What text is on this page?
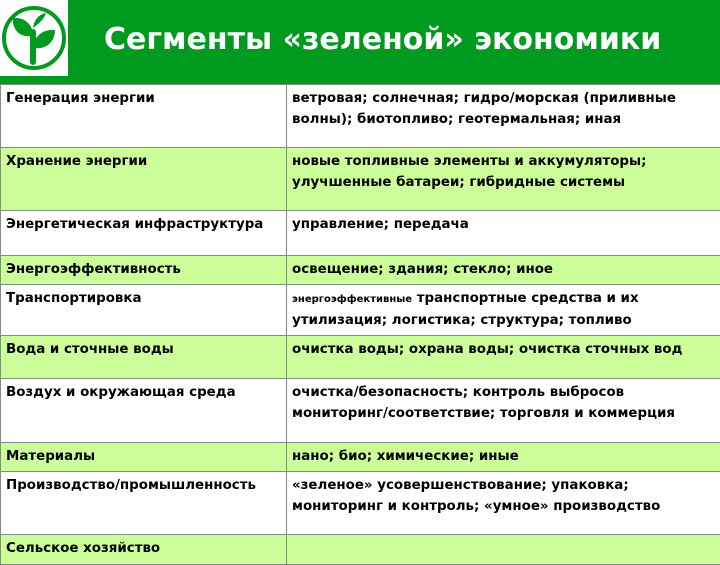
Сегменты «зеленой» экономики
Генерация энергии	ветровая; солнечная; гидро/морская (приливные волны); биотопливо; геотермальная; иная
Хранение энергии	новые топливные элементы и аккумуляторы; улучшенные батареи; гибридные системы
Энергетическая инфраструктура	управление; передача
Энергоэффективность	освещение; здания; стекло; иное
Транспортировка	энергоэффективные транспортные средства и их утилизация; логистика; структура; топливо
Вода и сточные воды	очистка воды; охрана воды; очистка сточных вод
Воздух и окружающая среда	очистка/безопасность; контроль выбросов мониторинг/соответствие; торговля и коммерция
Материалы	нано; био; химические; иные
Производство/промышленность	«зеленое» усовершенствование; упаковка; мониторинг и контроль; «умное» производство
Сельское хозяйство	
